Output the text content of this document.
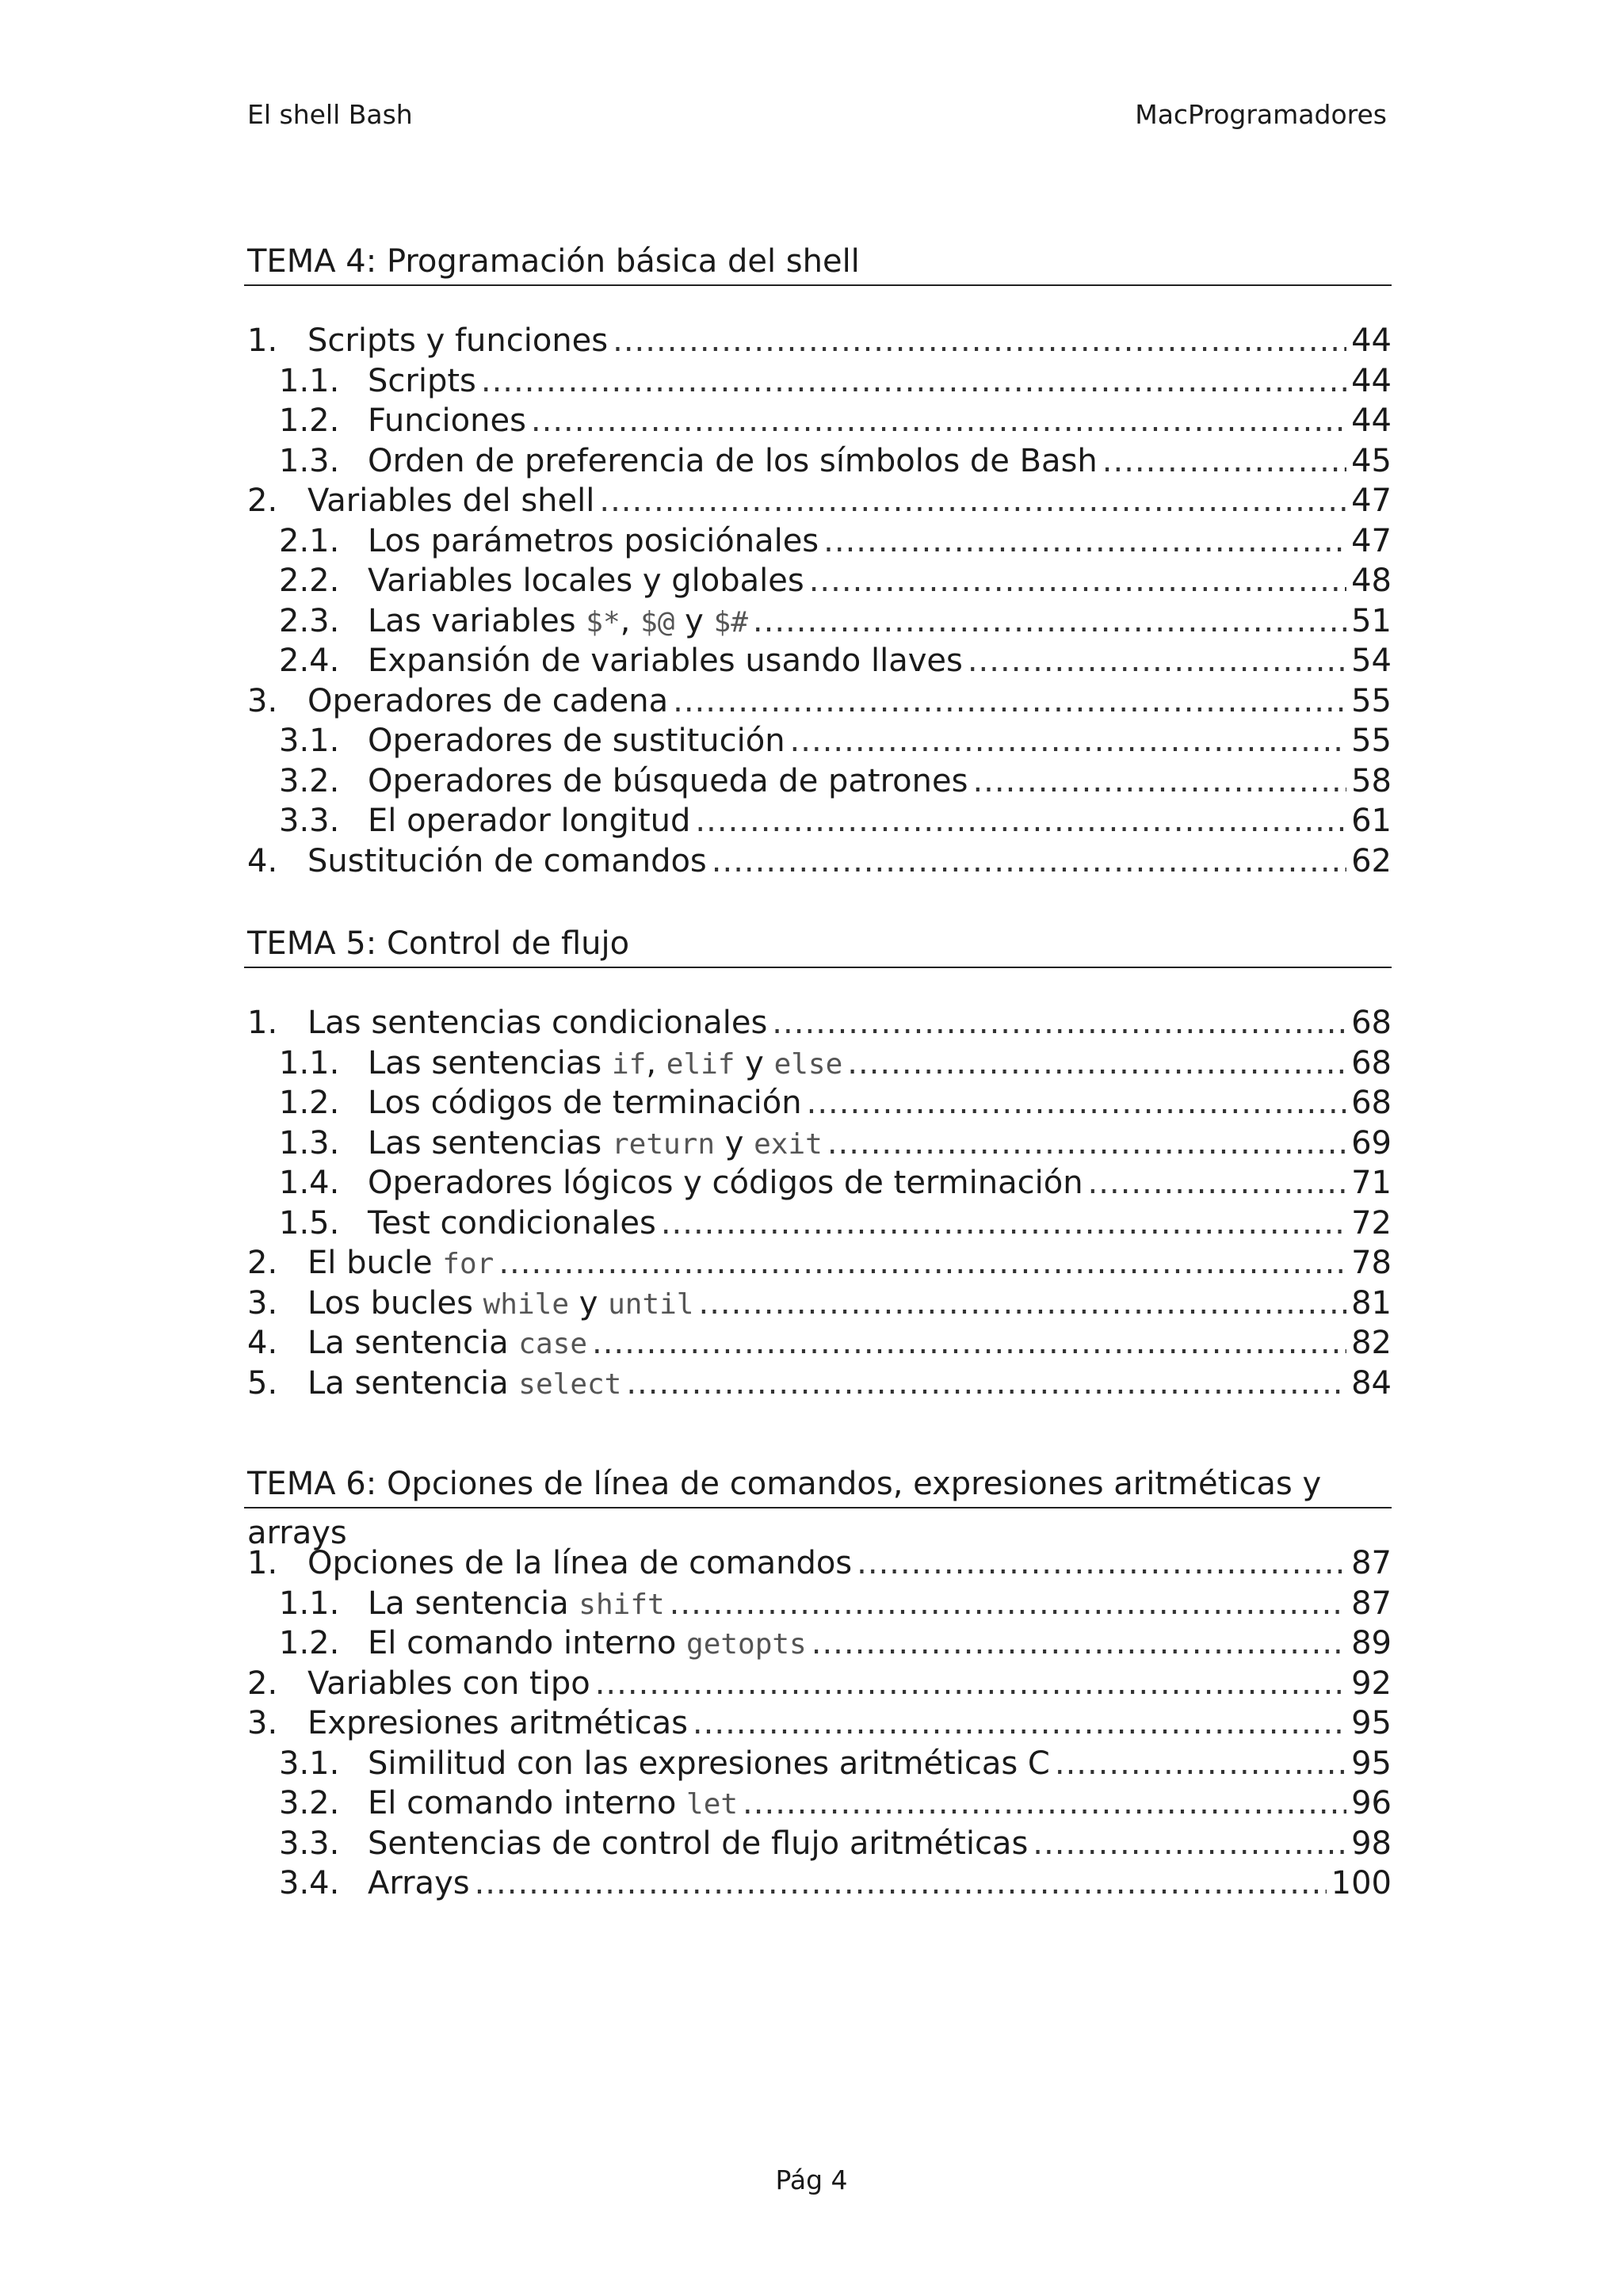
El shell Bash	MacProgramadores
TEMA 4: Programación básica del shell
1. Scripts y funciones .....	44
1.1. Scripts .....	44
1.2. Funciones .....	44
1.3. Orden de preferencia de los símbolos de Bash .....	45
2. Variables del shell .....	47
2.1. Los parámetros posiciónales .....	47
2.2. Variables locales y globales .....	48
2.3. Las variables $*, $@ y $# .....	51
2.4. Expansión de variables usando llaves .....	54
3. Operadores de cadena .....	55
3.1. Operadores de sustitución .....	55
3.2. Operadores de búsqueda de patrones .....	58
3.3. El operador longitud .....	61
4. Sustitución de comandos .....	62
TEMA 5: Control de flujo
1. Las sentencias condicionales .....	68
1.1. Las sentencias if, elif y else .....	68
1.2. Los códigos de terminación .....	68
1.3. Las sentencias return y exit .....	69
1.4. Operadores lógicos y códigos de terminación .....	71
1.5. Test condicionales .....	72
2. El bucle for .....	78
3. Los bucles while y until .....	81
4. La sentencia case .....	82
5. La sentencia select .....	84
TEMA 6: Opciones de línea de comandos, expresiones aritméticas y arrays
1. Opciones de la línea de comandos .....	87
1.1. La sentencia shift .....	87
1.2. El comando interno getopts .....	89
2. Variables con tipo .....	92
3. Expresiones aritméticas .....	95
3.1. Similitud con las expresiones aritméticas C .....	95
3.2. El comando interno let .....	96
3.3. Sentencias de control de flujo aritméticas .....	98
3.4. Arrays .....	100
Pág 4
